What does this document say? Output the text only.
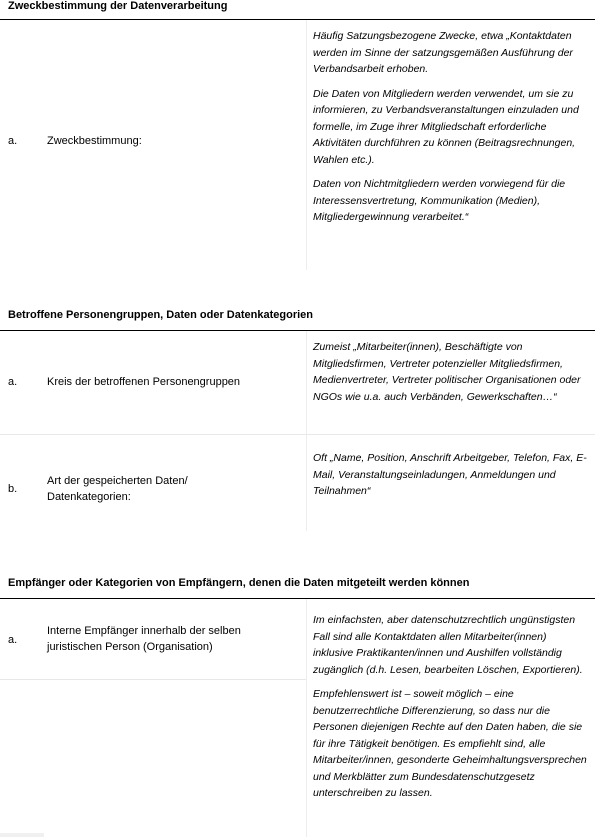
Zweckbestimmung der Datenverarbeitung
a.	Zweckbestimmung:

Häufig Satzungsbezogene Zwecke, etwa „Kontaktdaten werden im Sinne der satzungsgemäßen Ausführung der Verbandsarbeit erhoben.

Die Daten von Mitgliedern werden verwendet, um sie zu informieren, zu Verbandsveranstaltungen einzuladen und formelle, im Zuge ihrer Mitgliedschaft erforderliche Aktivitäten durchführen zu können (Beitragsrechnungen, Wahlen etc.).

Daten von Nichtmitgliedern werden vorwiegend für die Interessensvertretung, Kommunikation (Medien), Mitgliedergewinnung verarbeitet.“

Betroffene Personengruppen, Daten oder Datenkategorien
a.	Kreis der betroffenen Personengruppen

Zumeist „Mitarbeiter(innen), Beschäftigte von Mitgliedsfirmen, Vertreter potenzieller Mitgliedsfirmen, Medienvertreter, Vertreter politischer Organisationen oder NGOs wie u.a. auch Verbänden, Gewerkschaften…“

b.
Art der gespeicherten Daten/ Datenkategorien:

Oft „Name, Position, Anschrift Arbeitgeber, Telefon, Fax, E-Mail, Veranstaltungseinladungen, Anmeldungen und Teilnahmen“

Empfänger oder Kategorien von Empfängern, denen die Daten mitgeteilt werden können
a.
Interne Empfänger innerhalb der selben juristischen Person (Organisation)

Im einfachsten, aber datenschutzrechtlich ungünstigsten Fall sind alle Kontaktdaten allen Mitarbeiter(innen) inklusive Praktikanten/innen und Aushilfen vollständig zugänglich (d.h. Lesen, bearbeiten Löschen, Exportieren).

Empfehlenswert ist – soweit möglich – eine benutzerrechtliche Differenzierung, so dass nur die Personen diejenigen Rechte auf den Daten haben, die sie für ihre Tätigkeit benötigen. Es empfiehlt sind, alle Mitarbeiter/innen, gesonderte Geheimhaltungsversprechen und Merkblätter zum Bundesdatenschutzgesetz unterschreiben zu lassen.
